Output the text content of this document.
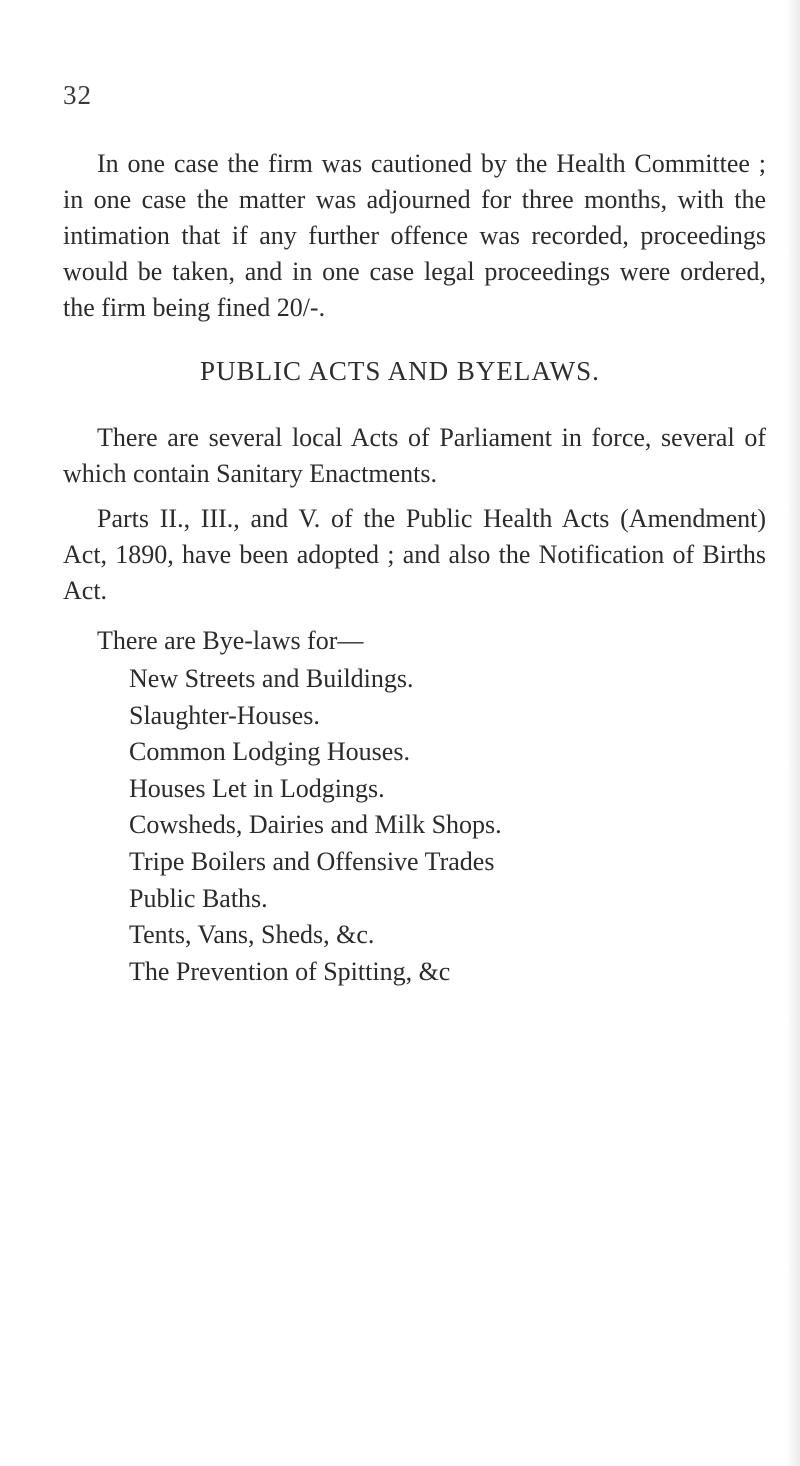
32

In one case the firm was cautioned by the Health Committee ; in one case the matter was adjourned for three months, with the intimation that if any further offence was recorded, proceedings would be taken, and in one case legal proceedings were ordered, the firm being fined 20/-.

PUBLIC ACTS AND BYELAWS.

There are several local Acts of Parliament in force, several of which contain Sanitary Enactments.

Parts II., III., and V. of the Public Health Acts (Amendment) Act, 1890, have been adopted ; and also the Notification of Births Act.

There are Bye-laws for—
New Streets and Buildings.
Slaughter-Houses.
Common Lodging Houses.
Houses Let in Lodgings.
Cowsheds, Dairies and Milk Shops.
Tripe Boilers and Offensive Trades
Public Baths.
Tents, Vans, Sheds, &c.
The Prevention of Spitting, &c
